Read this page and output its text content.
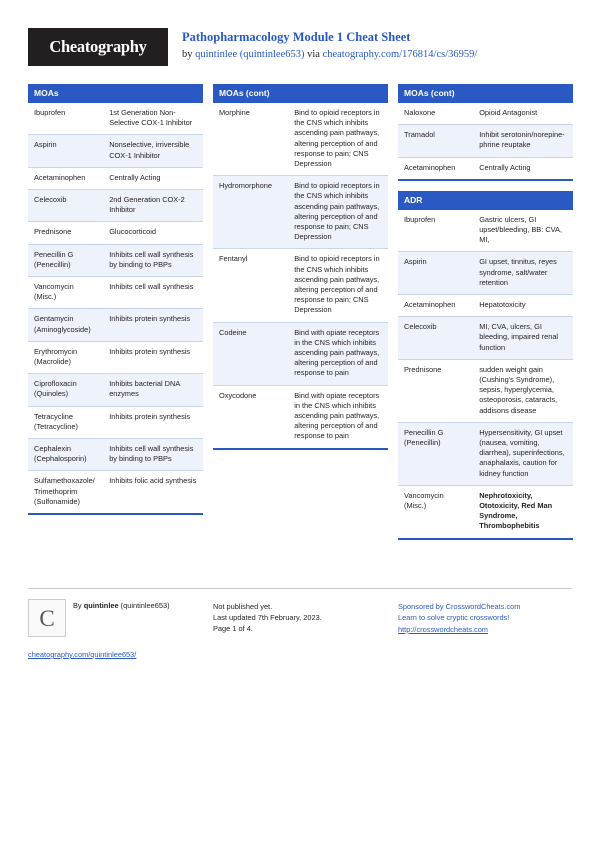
Cheatography	Pathopharmacology Module 1 Cheat Sheet
by quintinlee (quintinlee653) via cheatography.com/176814/cs/36959/
MOAs
Ibuprofen	1st Generation Non-Selective COX-1 Inhibitor
Aspirin	Nonselective, irriversible COX-1 Inhibitor
Acetaminophen	Centrally Acting
Celecoxib	2nd Generation COX-2 Inhibitor
Prednisone	Glucocorticoid
Penecillin G (Penecillin)	Inhibits cell wall synthesis by binding to PBPs
Vancomycin (Misc.)	Inhibits cell wall synthesis
Gentamycin (Aminoglycoside)	Inhibits protein synthesis
Erythromycin (Macrolide)	Inhibits protein synthesis
Ciprofloxacin (Quinoles)	Inhibits bacterial DNA enzymes
Tetracycline (Tetracycline)	Inhibits protein synthesis
Cephalexin (Cephalosporin)	Inhibits cell wall synthesis by binding to PBPs
Sulfamethoxazole/Trimethoprim (Sulfonamide)	Inhibits folic acid synthesis
MOAs (cont)
Morphine	Bind to opioid receptors in the CNS which inhibits ascending pain pathways, altering perception of and response to pain; CNS Depression
Hydromorphone	Bind to opioid receptors in the CNS which inhibits ascending pain pathways, altering perception of and response to pain; CNS Depression
Fentanyl	Bind to opioid receptors in the CNS which inhibits ascending pain pathways, altering perception of and response to pain; CNS Depression
Codeine	Bind with opiate receptors in the CNS which inhibits ascending pain pathways, altering perception of and response to pain
Oxycodone	Bind with opiate receptors in the CNS which inhibits ascending pain pathways, altering perception of and response to pain
MOAs (cont)
Naloxone	Opioid Antagonist
Tramadol	Inhibit serotonin/norepine-phrine reuptake
Acetaminophen	Centrally Acting
ADR
Ibuprofen	Gastric ulcers, GI upset/bleeding, BB: CVA, MI,
Aspirin	GI upset, tinnitus, reyes syndrome, salt/water retention
Acetaminophen	Hepatotoxicity
Celecoxib	MI, CVA, ulcers, GI bleeding, impaired renal function
Prednisone	sudden weight gain (Cushing's Syndrome), sepsis, hyperglycemia, osteoporosis, cataracts, addisons disease
Penecillin G (Penecillin)	Hypersensitivity, GI upset (nausea, vomiting, diarrhea), superinfections, anaphalaxis, caution for kidney function
Vancomycin (Misc.)	Nephrotoxicity, Ototoxicity, Red Man Syndrome, Thrombophebitis
C By quintinlee (quintinlee653)
cheatography.com/quintinlee653/
Not published yet.
Last updated 7th February, 2023.
Page 1 of 4.
Sponsored by CrosswordCheats.com
Learn to solve cryptic crosswords!
http://crosswordcheats.com
